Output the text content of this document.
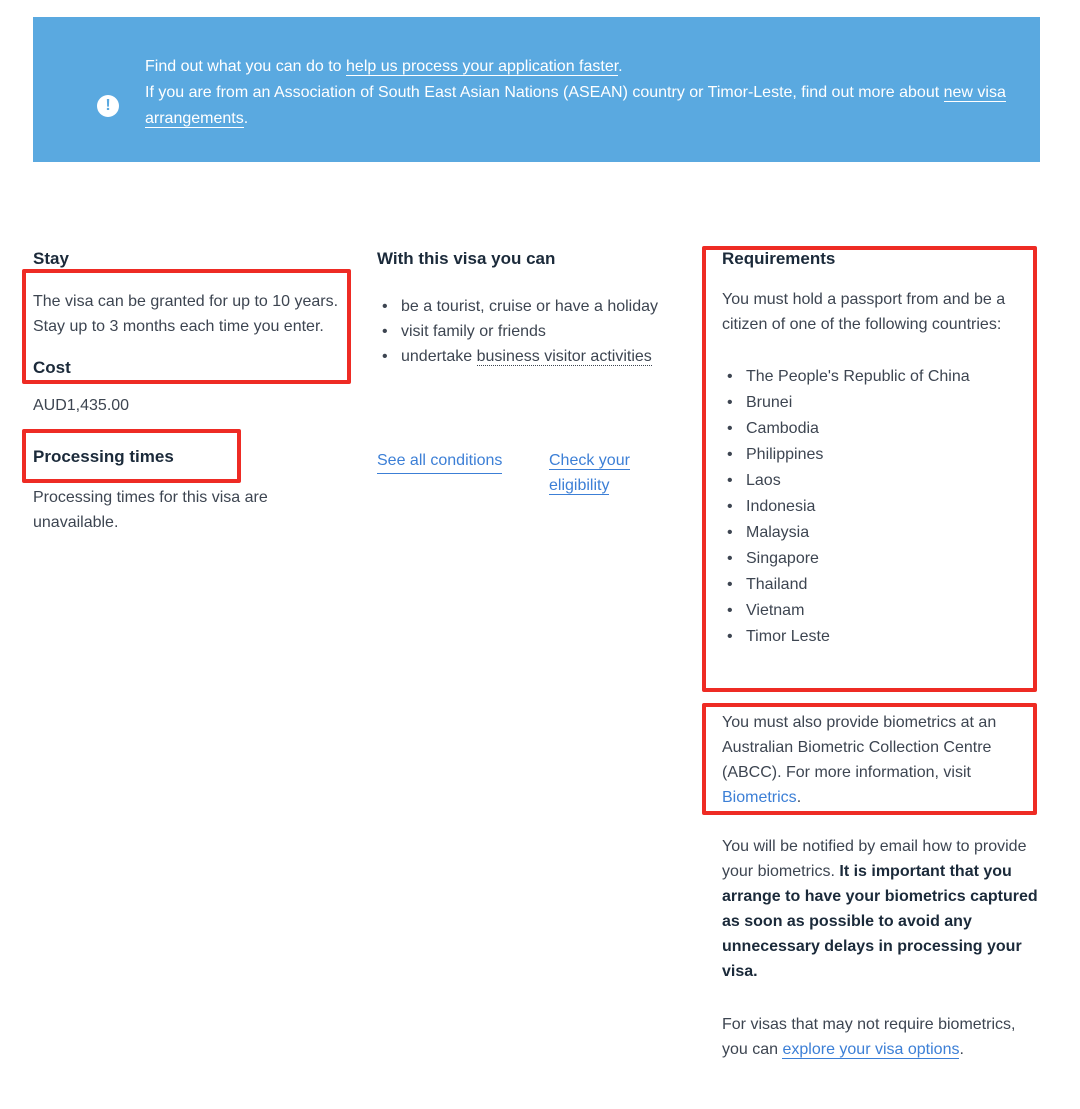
!

Find out what you can do to help us process your application faster.

If you are from an Association of South East Asian Nations (ASEAN) country or Timor-Leste, find out more about new visa arrangements.

Stay
The visa can be granted for up to 10 years. Stay up to 3 months each time you enter.
Cost
AUD1,435.00
Processing times
Processing times for this visa are unavailable.
With this visa you can
• be a tourist, cruise or have a holiday
• visit family or friends
• undertake business visitor activities
See all conditions	Check your
eligibility
Requirements
You must hold a passport from and be a citizen of one of the following countries:
• The People's Republic of China
• Brunei
• Cambodia
• Philippines
• Laos
• Indonesia
• Malaysia
• Singapore
• Thailand
• Vietnam
• Timor Leste
You must also provide biometrics at an Australian Biometric Collection Centre (ABCC). For more information, visit Biometrics.
You will be notified by email how to provide your biometrics. It is important that you arrange to have your biometrics captured as soon as possible to avoid any unnecessary delays in processing your visa.
For visas that may not require biometrics, you can explore your visa options.
